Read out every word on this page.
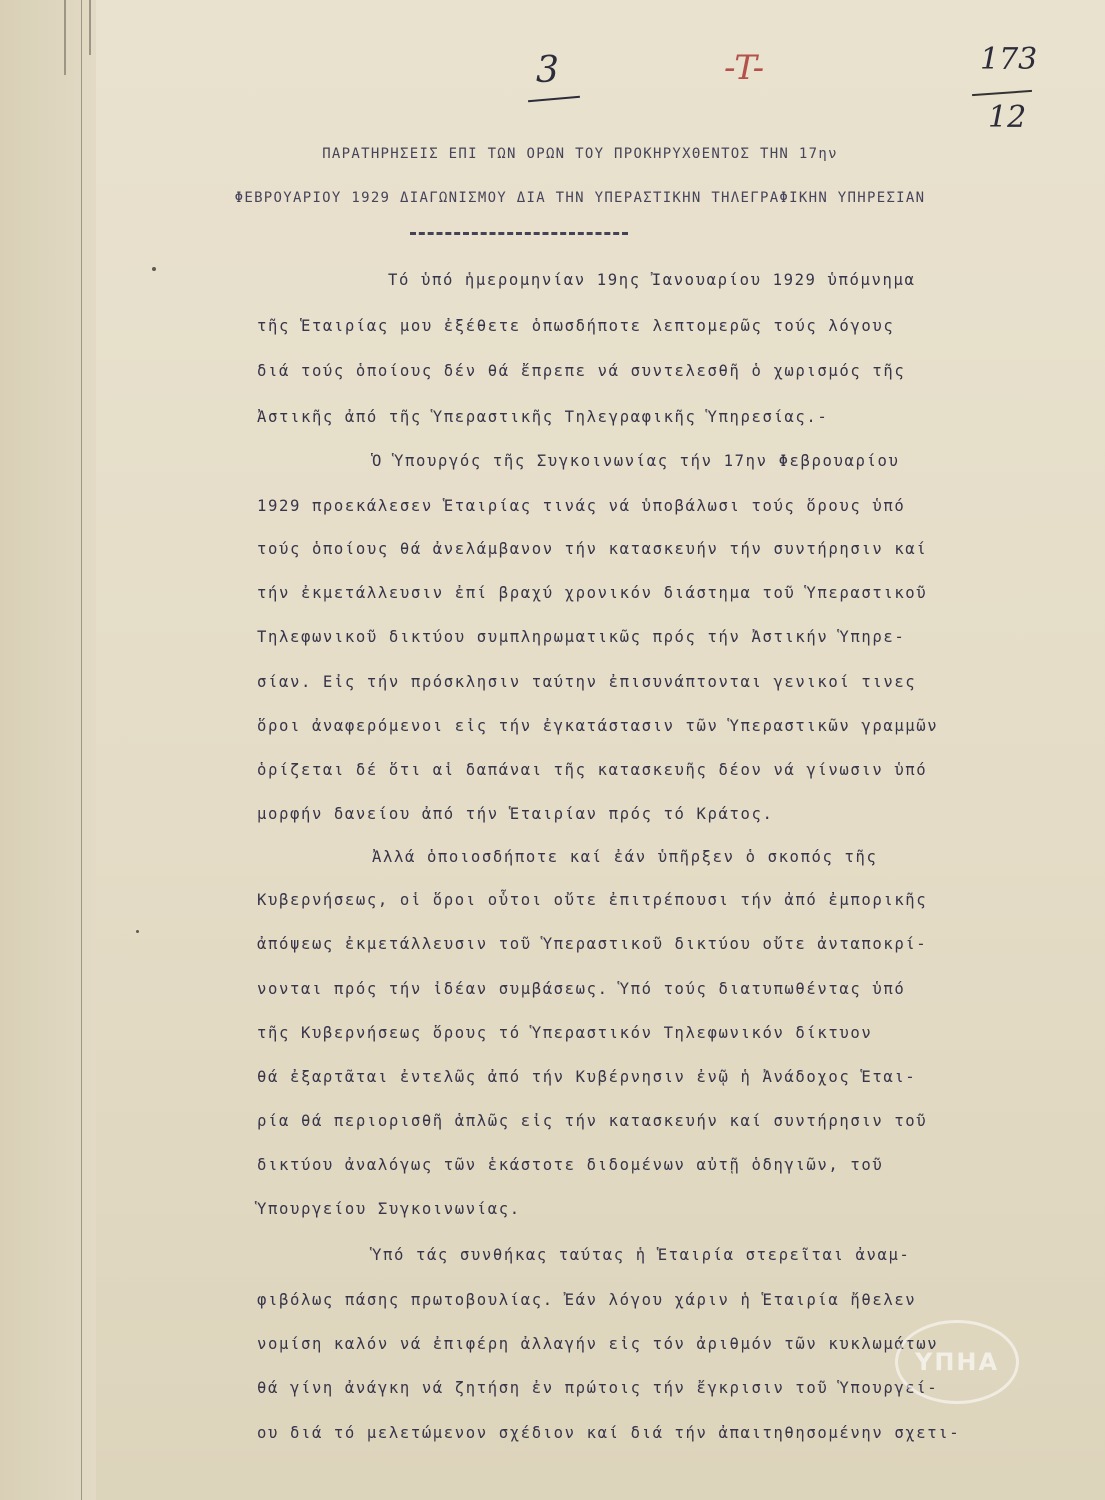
3	-T-	173
12
ΠΑΡΑΤΗΡΗΣΕΙΣ ΕΠΙ ΤΩΝ ΟΡΩΝ ΤΟΥ ΠΡΟΚΗΡΥΧΘΕΝΤΟΣ ΤΗΝ 17ην
ΦΕΒΡΟΥΑΡΙΟΥ 1929 ΔΙΑΓΩΝΙΣΜΟΥ ΔΙΑ ΤΗΝ ΥΠΕΡΑΣΤΙΚΗΝ ΤΗΛΕΓΡΑΦΙΚΗΝ ΥΠΗΡΕΣΙΑΝ
Τό ὑπό ἡμερομηνίαν 19ης Ἰανουαρίου 1929 ὑπόμνημα
τῆς Ἑταιρίας μου ἐξέθετε ὁπωσδήποτε λεπτομερῶς τούς λόγους
διά τούς ὁποίους δέν θά ἔπρεπε νά συντελεσθῆ ὁ χωρισμός τῆς
Ἀστικῆς ἀπό τῆς Ὑπεραστικῆς Τηλεγραφικῆς Ὑπηρεσίας.-
Ὁ Ὑπουργός τῆς Συγκοινωνίας τήν 17ην Φεβρουαρίου
1929 προεκάλεσεν Ἑταιρίας τινάς νά ὑποβάλωσι τούς ὅρους ὑπό
τούς ὁποίους θά ἀνελάμβανον τήν κατασκευήν τήν συντήρησιν καί
τήν ἐκμετάλλευσιν ἐπί βραχύ χρονικόν διάστημα τοῦ Ὑπεραστικοῦ
Τηλεφωνικοῦ δικτύου συμπληρωματικῶς πρός τήν Ἀστικήν Ὑπηρε-
σίαν. Εἰς τήν πρόσκλησιν ταύτην ἐπισυνάπτονται γενικοί τινες
ὅροι ἀναφερόμενοι εἰς τήν ἐγκατάστασιν τῶν Ὑπεραστικῶν γραμμῶν
ὁρίζεται δέ ὅτι αἱ δαπάναι τῆς κατασκευῆς δέον νά γίνωσιν ὑπό
μορφήν δανείου ἀπό τήν Ἑταιρίαν πρός τό Κράτος.
Ἀλλά ὁποιοσδήποτε καί ἐάν ὑπῆρξεν ὁ σκοπός τῆς
Κυβερνήσεως, οἱ ὅροι οὗτοι οὔτε ἐπιτρέπουσι τήν ἀπό ἐμπορικῆς
ἀπόψεως ἐκμετάλλευσιν τοῦ Ὑπεραστικοῦ δικτύου οὔτε ἀνταποκρί-
νονται πρός τήν ἰδέαν συμβάσεως. Ὑπό τούς διατυπωθέντας ὑπό
τῆς Κυβερνήσεως ὅρους τό Ὑπεραστικόν Τηλεφωνικόν δίκτυον
θά ἐξαρτᾶται ἐντελῶς ἀπό τήν Κυβέρνησιν ἐνῷ ἡ Ἀνάδοχος Ἑται-
ρία θά περιορισθῆ ἁπλῶς εἰς τήν κατασκευήν καί συντήρησιν τοῦ
δικτύου ἀναλόγως τῶν ἑκάστοτε διδομένων αὐτῇ ὁδηγιῶν, τοῦ
Ὑπουργείου Συγκοινωνίας.
Ὑπό τάς συνθήκας ταύτας ἡ Ἑταιρία στερεῖται ἀναμ-
φιβόλως πάσης πρωτοβουλίας. Ἐάν λόγου χάριν ἡ Ἑταιρία ἤθελεν
νομίση καλόν νά ἐπιφέρη ἀλλαγήν εἰς τόν ἀριθμόν τῶν κυκλωμάτων
θά γίνη ἀνάγκη νά ζητήση ἐν πρώτοις τήν ἔγκρισιν τοῦ Ὑπουργεί-
ου διά τό μελετώμενον σχέδιον καί διά τήν ἀπαιτηθησομένην σχετι-
ΥΠΗΑ
